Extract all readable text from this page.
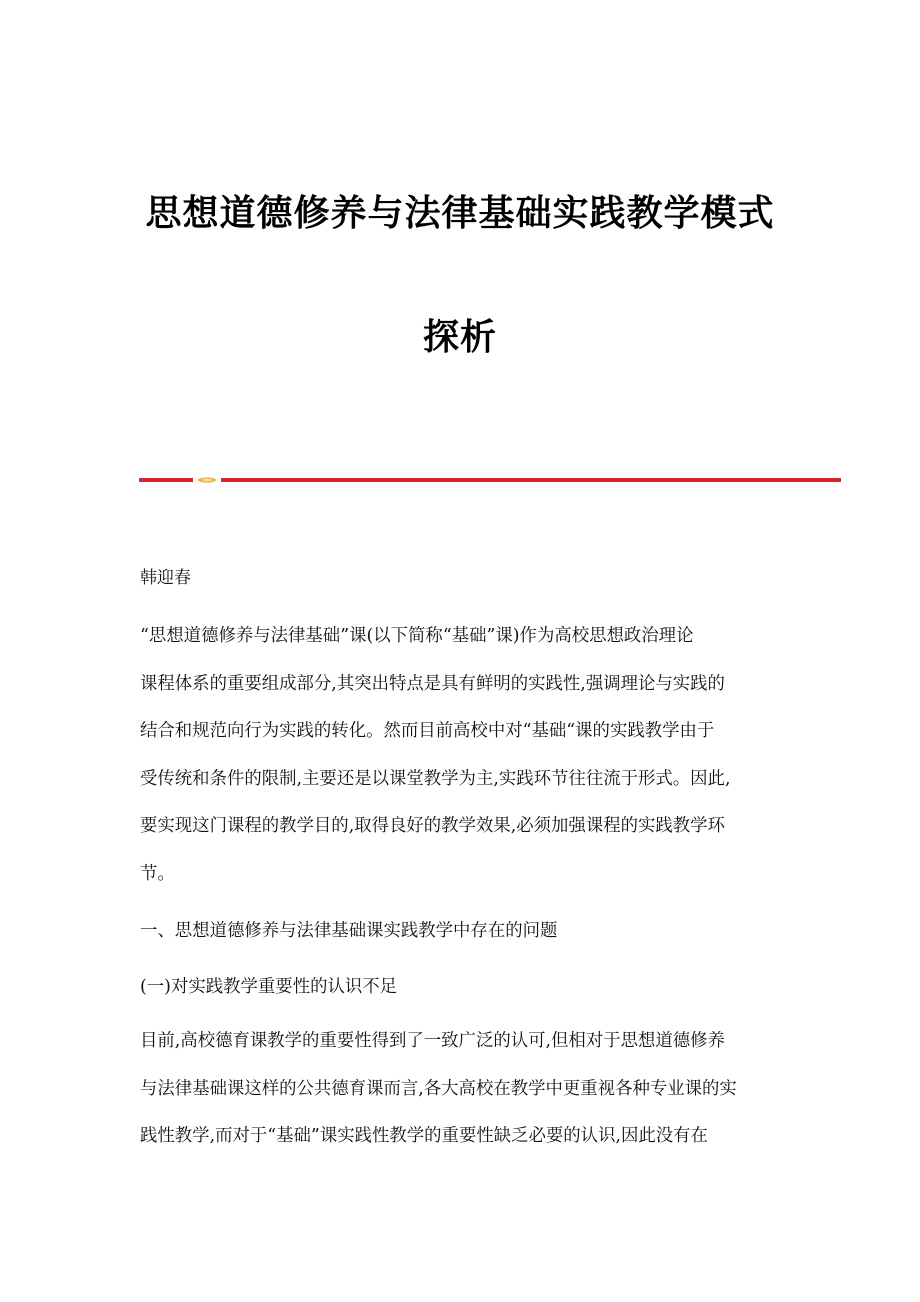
思想道德修养与法律基础实践教学模式
探析
韩迎春
“思想道德修养与法律基础”课(以下简称“基础”课)作为高校思想政治理论
课程体系的重要组成部分,其突出特点是具有鲜明的实践性,强调理论与实践的
结合和规范向行为实践的转化。然而目前高校中对“基础“课的实践教学由于
受传统和条件的限制,主要还是以课堂教学为主,实践环节往往流于形式。因此,
要实现这门课程的教学目的,取得良好的教学效果,必须加强课程的实践教学环
节。
一、思想道德修养与法律基础课实践教学中存在的问题
(一)对实践教学重要性的认识不足
目前,高校德育课教学的重要性得到了一致广泛的认可,但相对于思想道德修养
与法律基础课这样的公共德育课而言,各大高校在教学中更重视各种专业课的实
践性教学,而对于“基础”课实践性教学的重要性缺乏必要的认识,因此没有在
